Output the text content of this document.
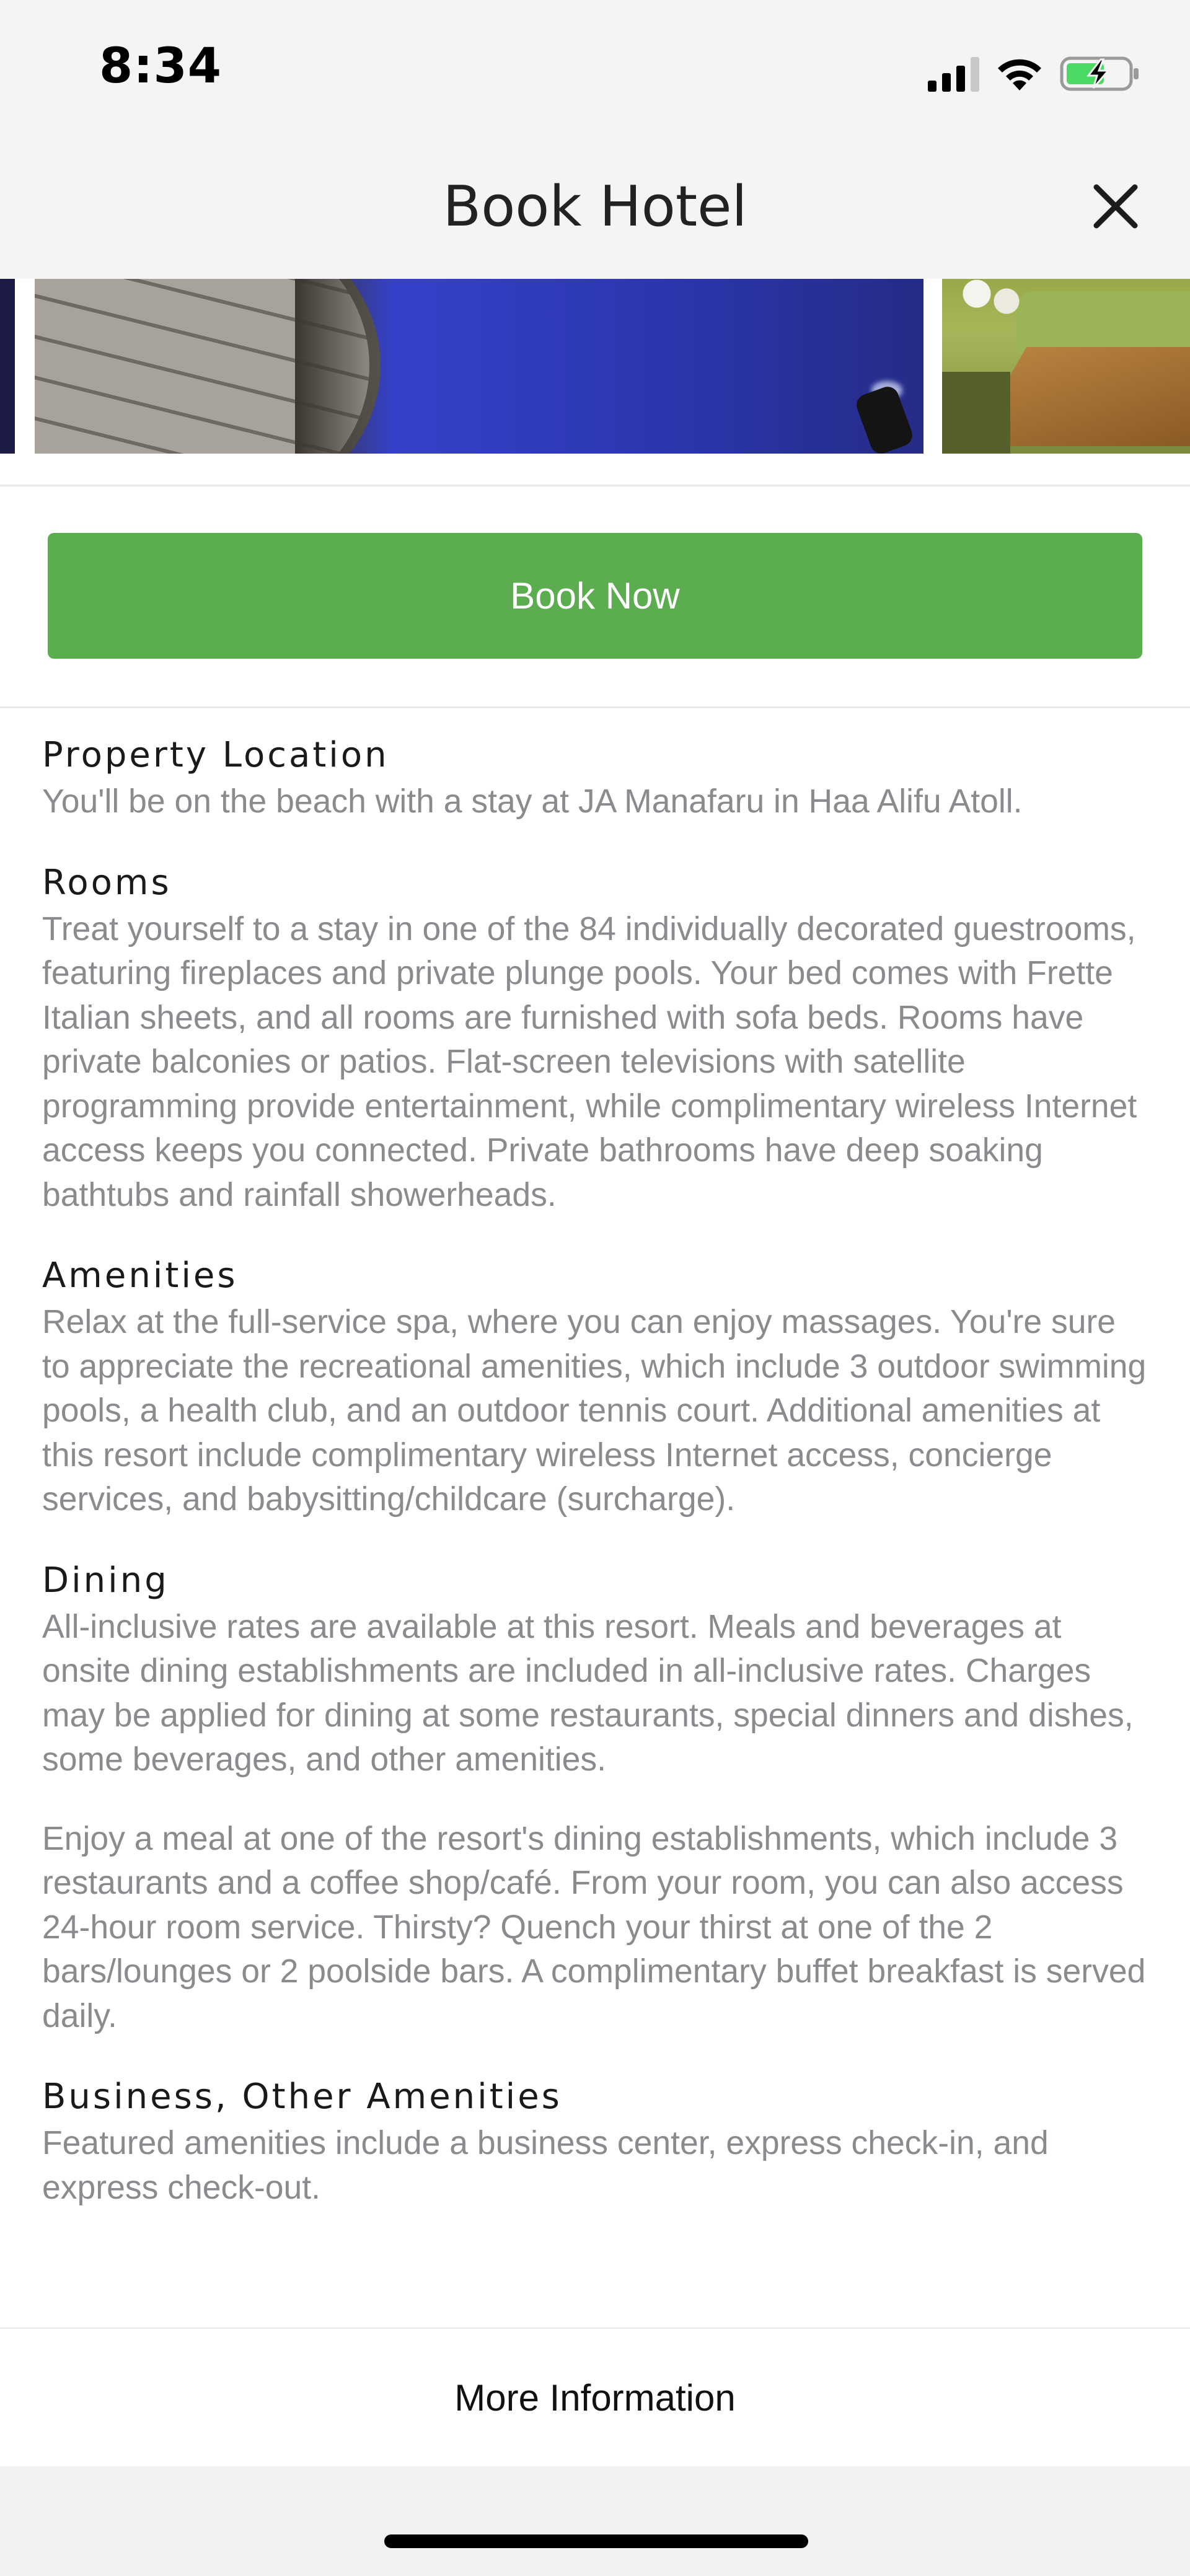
8:34
Book Hotel
Book Now
Property Location
You'll be on the beach with a stay at JA Manafaru in Haa Alifu Atoll.
Rooms
Treat yourself to a stay in one of the 84 individually decorated guestrooms, featuring fireplaces and private plunge pools. Your bed comes with Frette Italian sheets, and all rooms are furnished with sofa beds. Rooms have private balconies or patios. Flat-screen televisions with satellite programming provide entertainment, while complimentary wireless Internet access keeps you connected. Private bathrooms have deep soaking bathtubs and rainfall showerheads.
Amenities
Relax at the full-service spa, where you can enjoy massages. You're sure to appreciate the recreational amenities, which include 3 outdoor swimming pools, a health club, and an outdoor tennis court. Additional amenities at this resort include complimentary wireless Internet access, concierge services, and babysitting/childcare (surcharge).
Dining
All-inclusive rates are available at this resort. Meals and beverages at onsite dining establishments are included in all-inclusive rates. Charges may be applied for dining at some restaurants, special dinners and dishes, some beverages, and other amenities.
Enjoy a meal at one of the resort's dining establishments, which include 3 restaurants and a coffee shop/café. From your room, you can also access 24-hour room service. Thirsty? Quench your thirst at one of the 2 bars/lounges or 2 poolside bars. A complimentary buffet breakfast is served daily.
Business, Other Amenities
Featured amenities include a business center, express check-in, and express check-out.
More Information
